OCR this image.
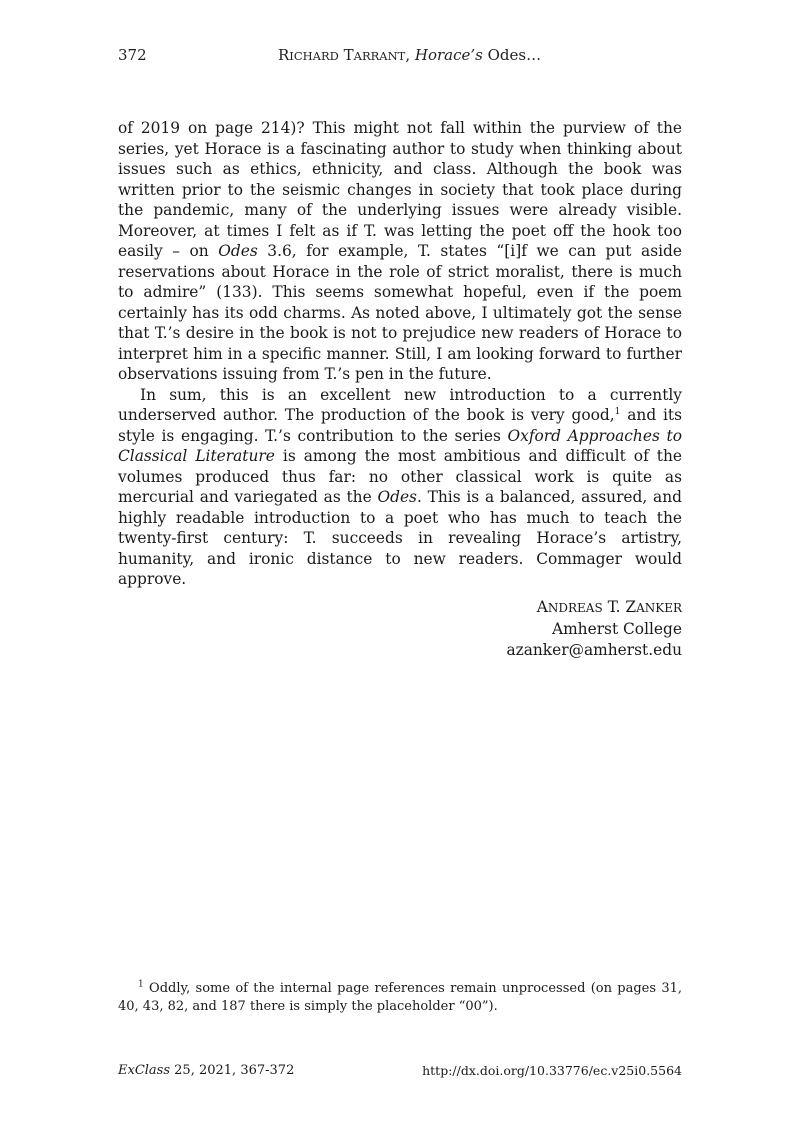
372	RICHARD TARRANT, Horace’s Odes…

of 2019 on page 214)? This might not fall within the purview of the series, yet Horace is a fascinating author to study when thinking about issues such as ethics, ethnicity, and class. Although the book was written prior to the seismic changes in society that took place during the pandemic, many of the underlying issues were already visible. Moreover, at times I felt as if T. was letting the poet off the hook too easily – on Odes 3.6, for example, T. states “[i]f we can put aside reservations about Horace in the role of strict moralist, there is much to admire” (133). This seems somewhat hopeful, even if the poem certainly has its odd charms. As noted above, I ultimately got the sense that T.’s desire in the book is not to prejudice new readers of Horace to interpret him in a specific manner. Still, I am looking forward to further observations issuing from T.’s pen in the future.

In sum, this is an excellent new introduction to a currently underserved author. The production of the book is very good,$^1$ and its style is engaging. T.’s contribution to the series Oxford Approaches to Classical Literature is among the most ambitious and difficult of the volumes produced thus far: no other classical work is quite as mercurial and variegated as the Odes. This is a balanced, assured, and highly readable introduction to a poet who has much to teach the twenty-first century: T. succeeds in revealing Horace’s artistry, humanity, and ironic distance to new readers. Commager would approve.

ANDREAS T. ZANKER
Amherst College
azanker@amherst.edu
$^1$ Oddly, some of the internal page references remain unprocessed (on pages 31, 40, 43, 82, and 187 there is simply the placeholder “00”).
ExClass 25, 2021, 367-372	http://dx.doi.org/10.33776/ec.v25i0.5564
